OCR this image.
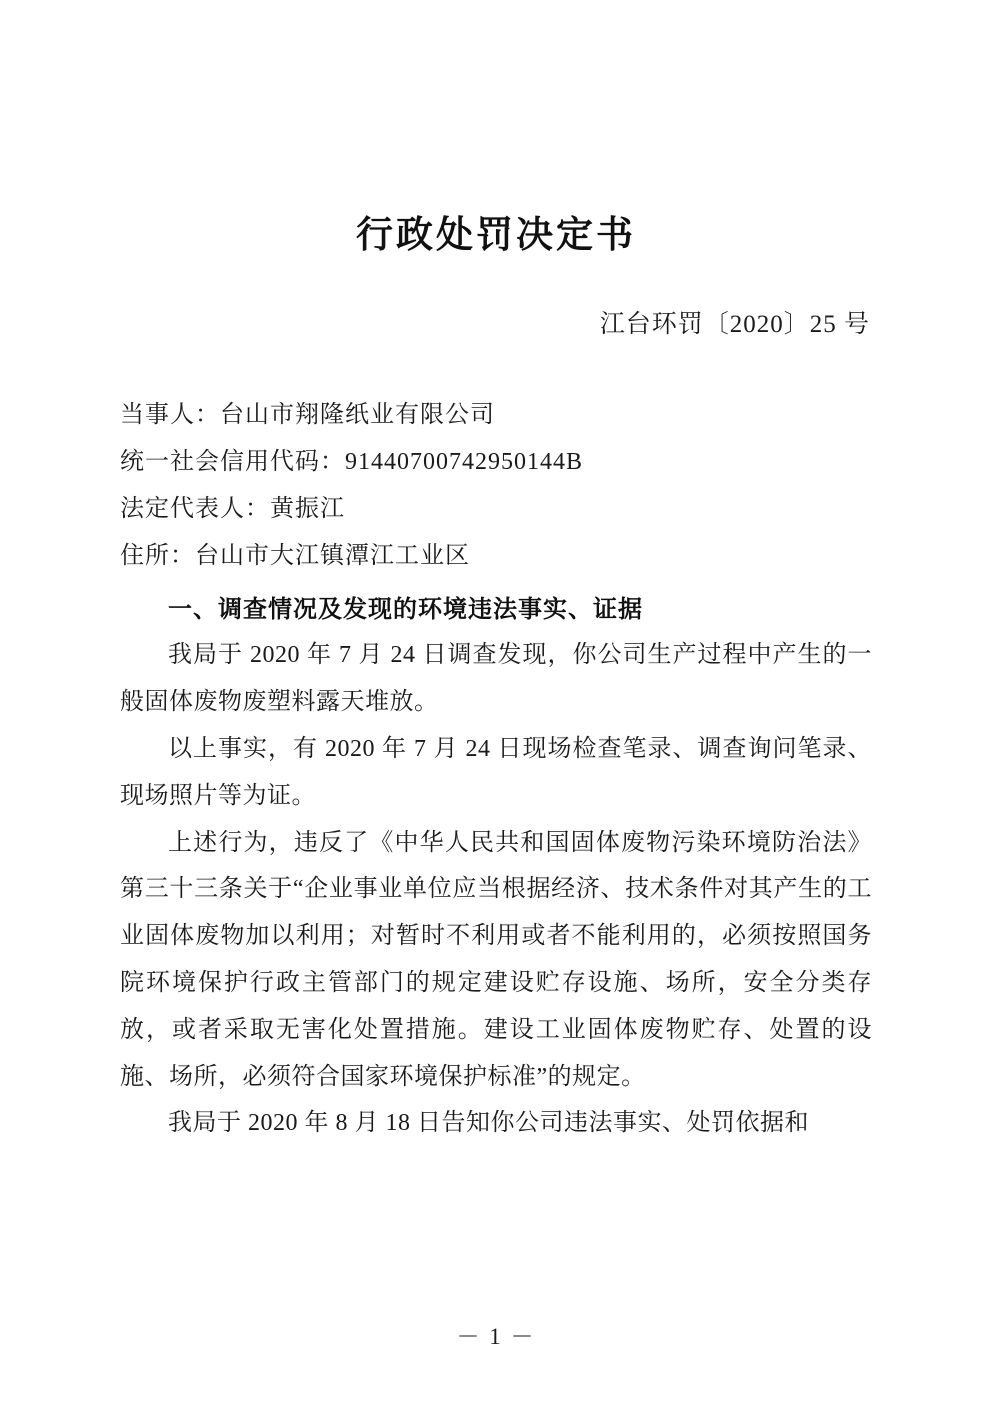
行政处罚决定书
江台环罚〔2020〕25 号
当事人：台山市翔隆纸业有限公司
统一社会信用代码：91440700742950144B
法定代表人：黄振江
住所：台山市大江镇潭江工业区
一、调查情况及发现的环境违法事实、证据

我局于 2020 年 7 月 24 日调查发现，你公司生产过程中产生的一般固体废物废塑料露天堆放。

以上事实，有 2020 年 7 月 24 日现场检查笔录、调查询问笔录、现场照片等为证。

上述行为，违反了《中华人民共和国固体废物污染环境防治法》第三十三条关于“企业事业单位应当根据经济、技术条件对其产生的工业固体废物加以利用；对暂时不利用或者不能利用的，必须按照国务院环境保护行政主管部门的规定建设贮存设施、场所，安全分类存放，或者采取无害化处置措施。建设工业固体废物贮存、处置的设施、场所，必须符合国家环境保护标准”的规定。

我局于 2020 年 8 月 18 日告知你公司违法事实、处罚依据和

－ 1 －
